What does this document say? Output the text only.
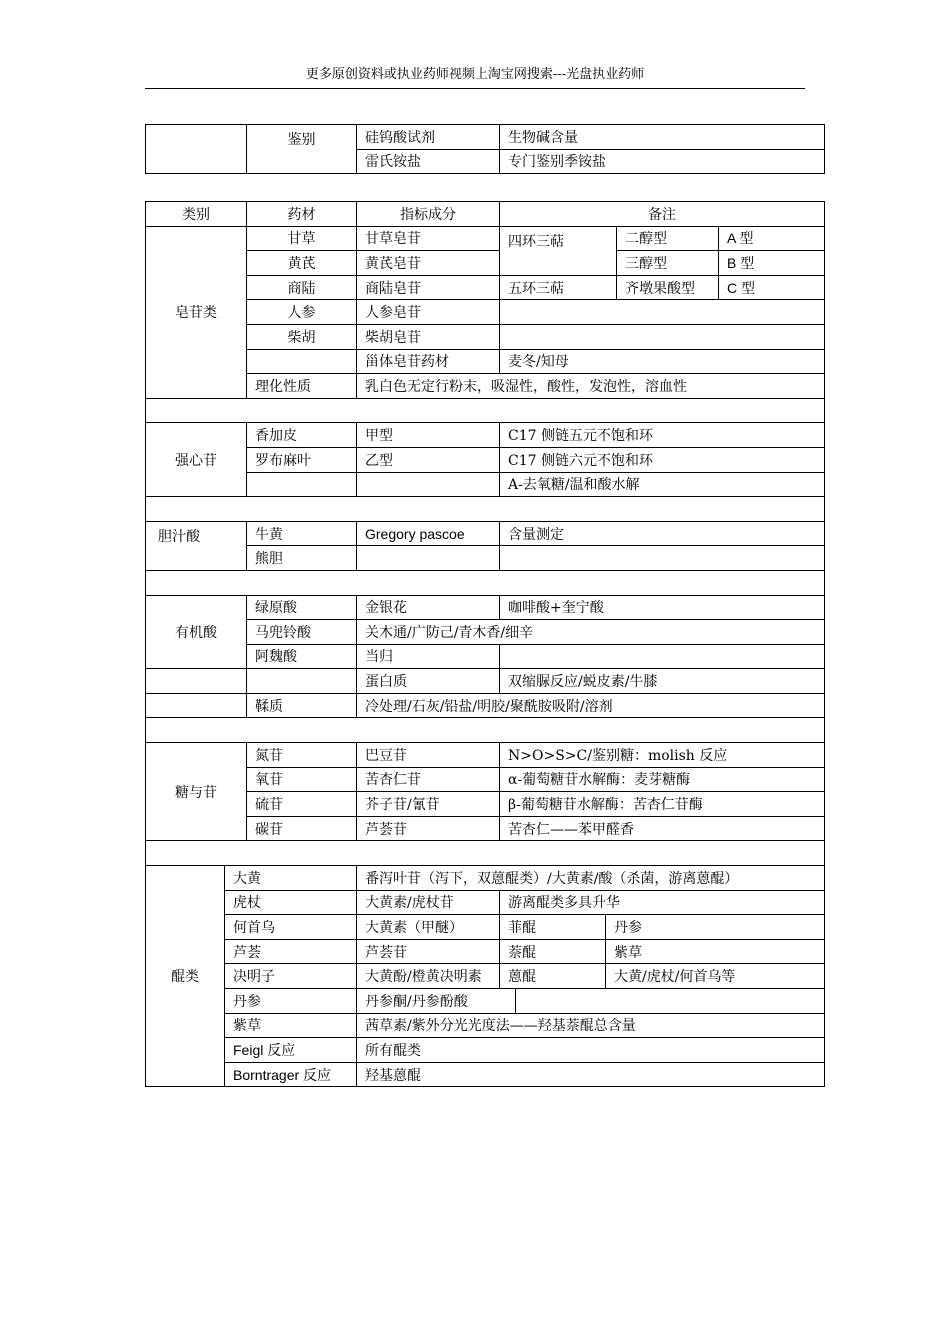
更多原创资料或执业药师视频上淘宝网搜索---光盘执业药师
	鉴别	硅钨酸试剂	生物碱含量
		雷氏铵盐	专门鉴别季铵盐
类别		药材	指标成分	备注				
皂苷类		甘草	甘草皂苷	四环三萜			二醇型	A 型
		黄芪	黄芪皂苷				三醇型	B 型
		商陆	商陆皂苷	五环三萜			齐墩果酸型	C 型
		人参	人参皂苷					
		柴胡	柴胡皂苷					
			甾体皂苷药材	麦冬/知母				
		理化性质	乳白色无定行粉末，吸湿性，酸性，发泡性，溶血性					

强心苷		香加皮	甲型	C17 侧链五元不饱和环				
		罗布麻叶	乙型	C17 侧链六元不饱和环				
				A-去氧糖/温和酸水解				

胆汁酸		牛黄	Gregory pascoe	含量测定				
		熊胆						

有机酸		绿原酸	金银花	咖啡酸+奎宁酸				
		马兜铃酸	关木通/广防己/青木香/细辛					
		阿魏酸	当归					
			蛋白质	双缩脲反应/蜕皮素/牛膝				
		鞣质	冷处理/石灰/铅盐/明胶/聚酰胺吸附/溶剂					

糖与苷		氮苷	巴豆苷	N>O>S>C/鉴别糖：molish 反应				
		氧苷	苦杏仁苷	α-葡萄糖苷水解酶：麦芽糖酶				
		硫苷	芥子苷/氰苷	β-葡萄糖苷水解酶：苦杏仁苷酶				
		碳苷	芦荟苷	苦杏仁——苯甲醛香				

醌类	大黄		番泻叶苷（泻下，双蒽醌类）/大黄素/酸（杀菌，游离蒽醌）					
	虎杖		大黄素/虎杖苷	游离醌类多具升华				
	何首乌		大黄素（甲醚）	菲醌		丹参		
	芦荟		芦荟苷	萘醌		紫草		
	决明子		大黄酚/橙黄决明素	蒽醌		大黄/虎杖/何首乌等		
	丹参		丹参酮/丹参酚酸					
	紫草		茜草素/紫外分光光度法——羟基萘醌总含量					
	Feigl 反应		所有醌类					
	Borntrager 反应		羟基蒽醌					
